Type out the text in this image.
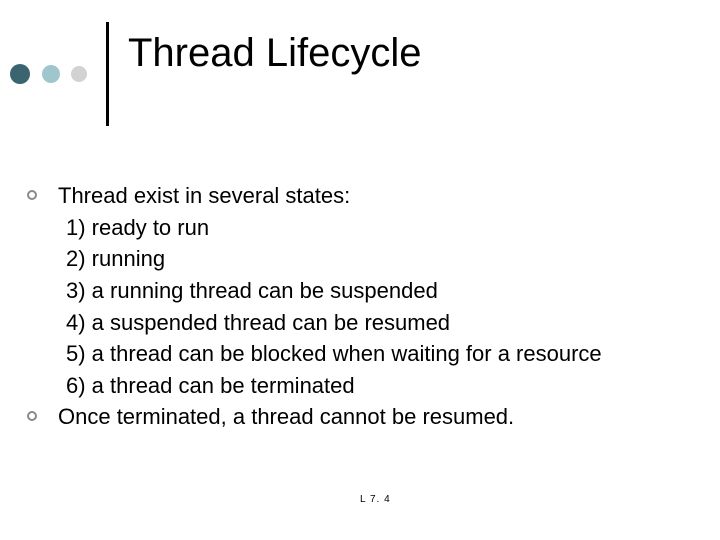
Thread Lifecycle
Thread exist in several states:
1) ready to run
2) running
3) a running thread can be suspended
4) a suspended thread can be resumed
5) a thread can be blocked when waiting for a resource
6) a thread can be terminated
Once terminated, a thread cannot be resumed.
L 7. 4
